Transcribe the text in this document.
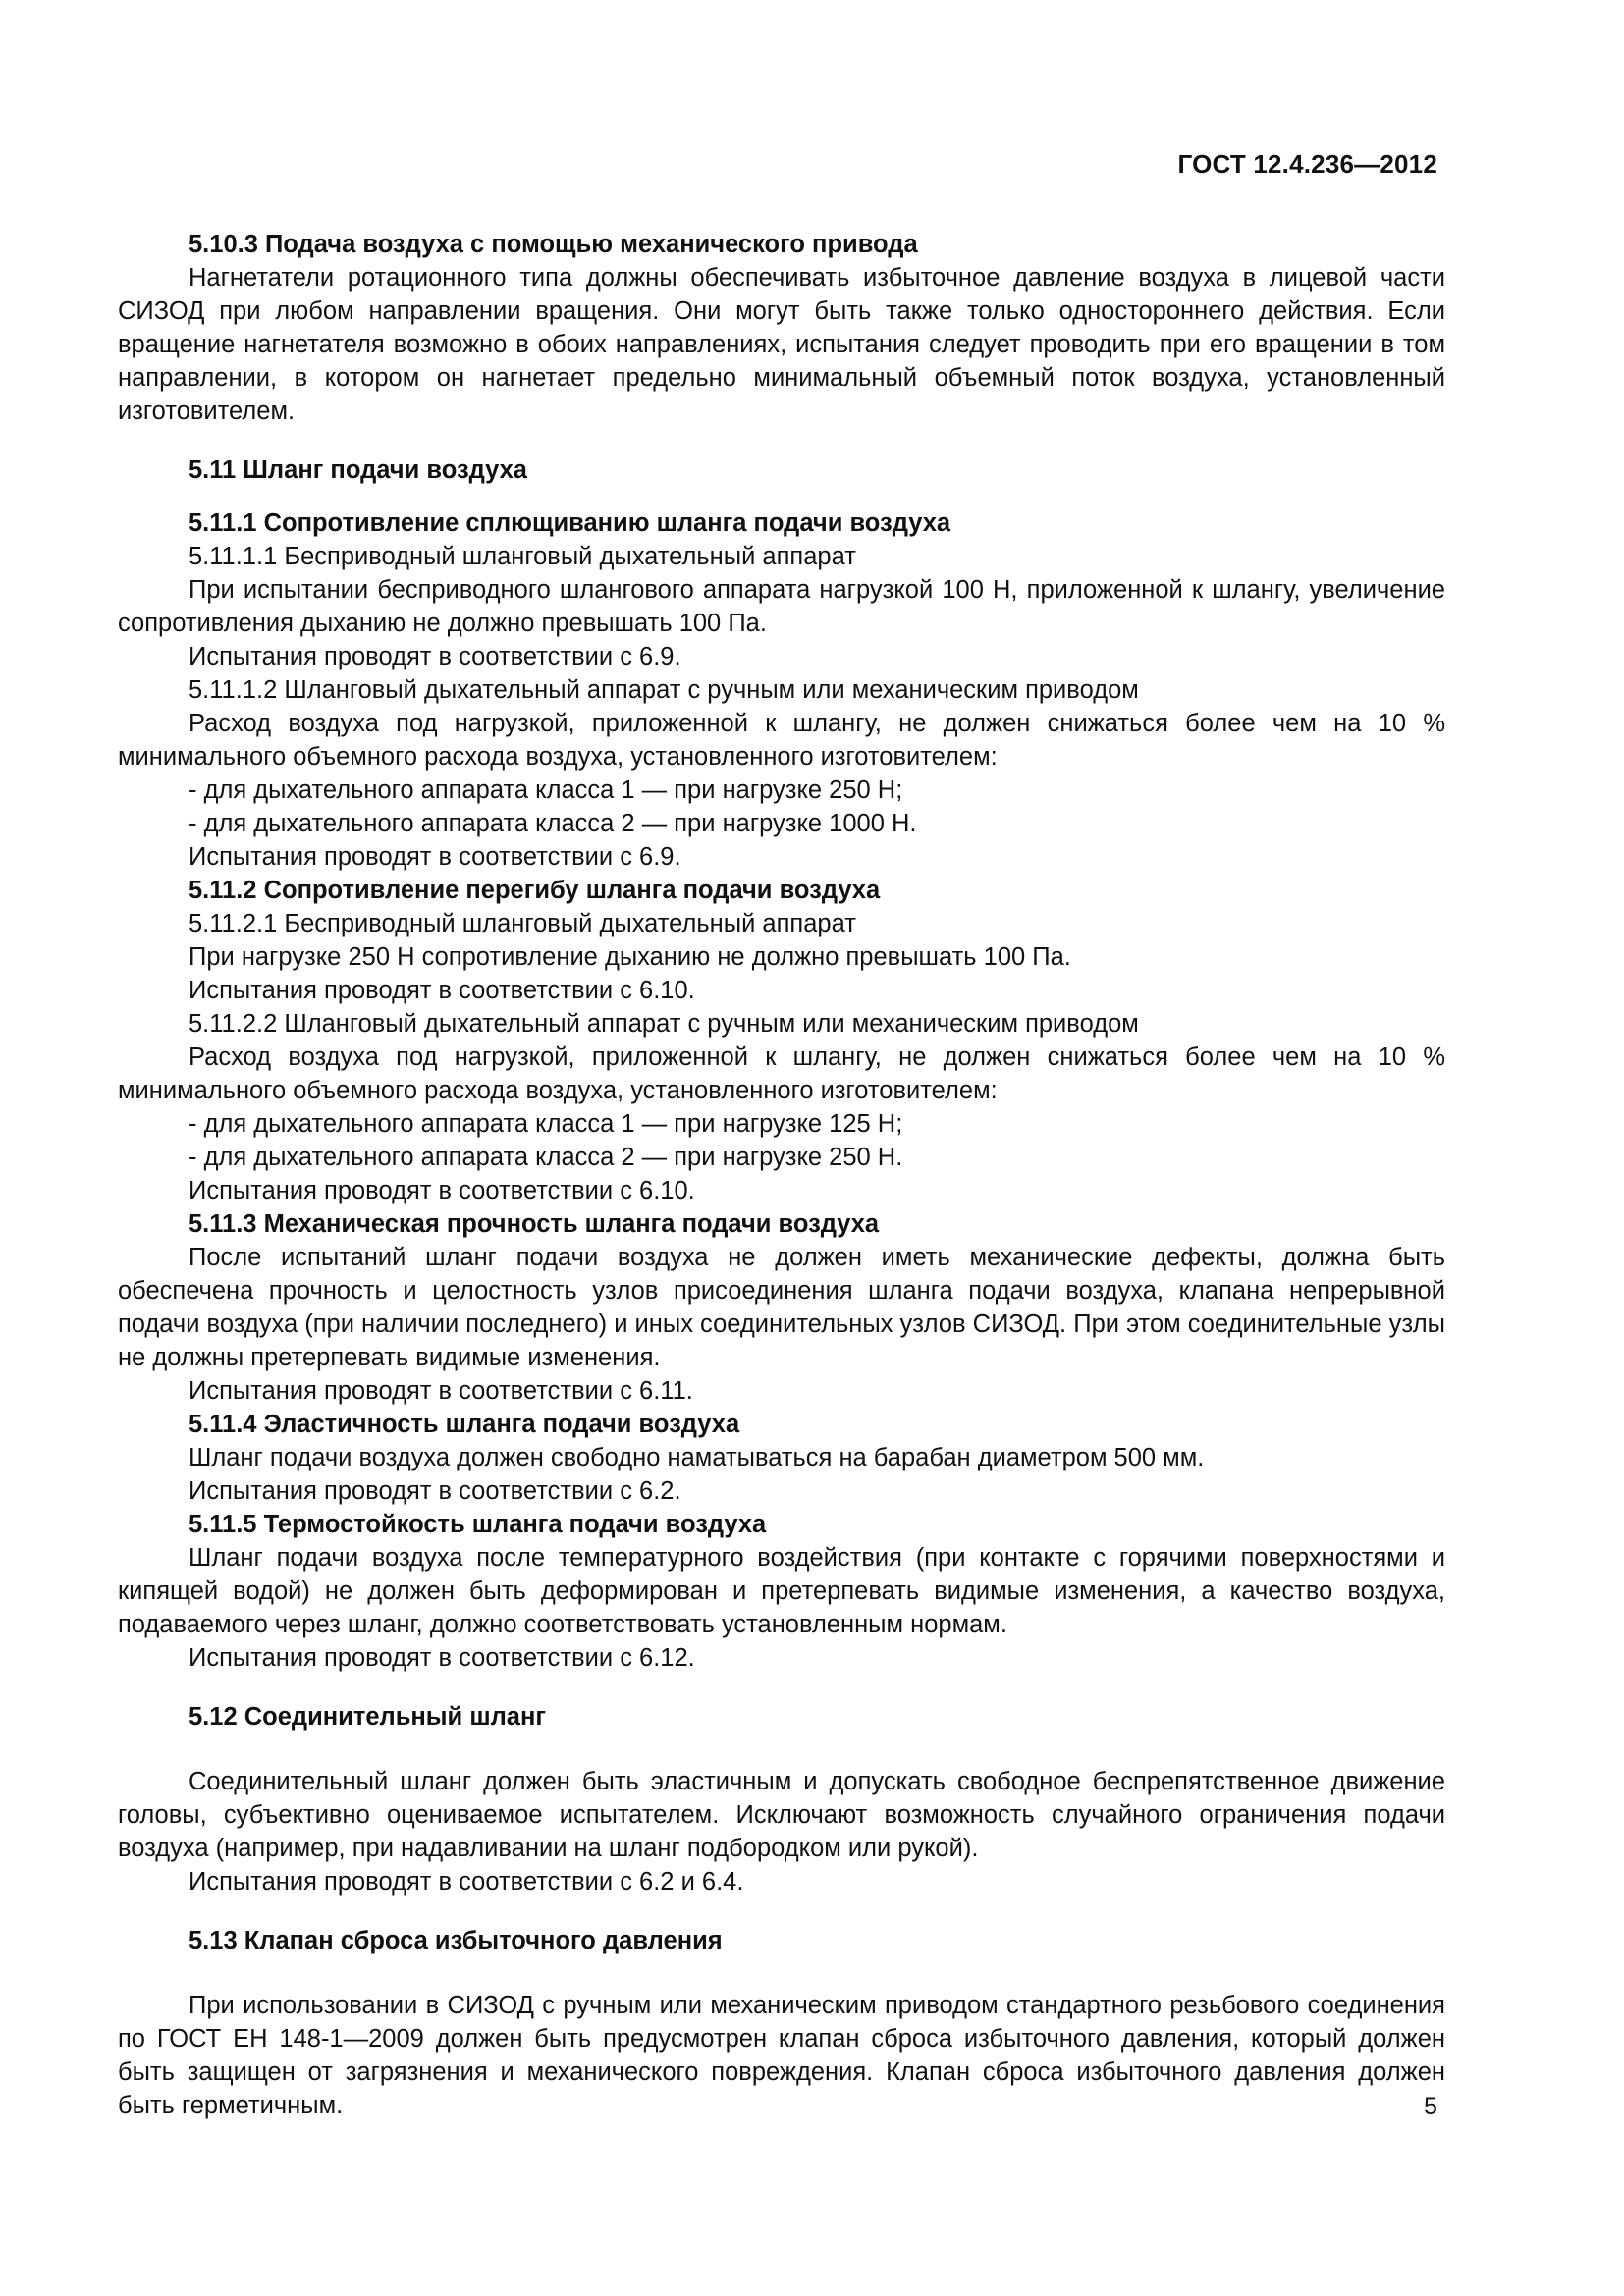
ГОСТ 12.4.236—2012

5.10.3 Подача воздуха с помощью механического привода

Нагнетатели ротационного типа должны обеспечивать избыточное давление воздуха в лицевой части СИЗОД при любом направлении вращения. Они могут быть также только одностороннего действия. Если вращение нагнетателя возможно в обоих направлениях, испытания следует проводить при его вращении в том направлении, в котором он нагнетает предельно минимальный объемный поток воздуха, установленный изготовителем.

5.11 Шланг подачи воздуха

5.11.1 Сопротивление сплющиванию шланга подачи воздуха

5.11.1.1 Бесприводный шланговый дыхательный аппарат

При испытании бесприводного шлангового аппарата нагрузкой 100 Н, приложенной к шлангу, увеличение сопротивления дыханию не должно превышать 100 Па.

Испытания проводят в соответствии с 6.9.

5.11.1.2 Шланговый дыхательный аппарат с ручным или механическим приводом

Расход воздуха под нагрузкой, приложенной к шлангу, не должен снижаться более чем на 10 % минимального объемного расхода воздуха, установленного изготовителем:

- для дыхательного аппарата класса 1 — при нагрузке 250 Н;

- для дыхательного аппарата класса 2 — при нагрузке 1000 Н.

Испытания проводят в соответствии с 6.9.

5.11.2 Сопротивление перегибу шланга подачи воздуха

5.11.2.1 Бесприводный шланговый дыхательный аппарат

При нагрузке 250 Н сопротивление дыханию не должно превышать 100 Па.

Испытания проводят в соответствии с 6.10.

5.11.2.2 Шланговый дыхательный аппарат с ручным или механическим приводом

Расход воздуха под нагрузкой, приложенной к шлангу, не должен снижаться более чем на 10 % минимального объемного расхода воздуха, установленного изготовителем:

- для дыхательного аппарата класса 1 — при нагрузке 125 Н;

- для дыхательного аппарата класса 2 — при нагрузке 250 Н.

Испытания проводят в соответствии с 6.10.

5.11.3 Механическая прочность шланга подачи воздуха

После испытаний шланг подачи воздуха не должен иметь механические дефекты, должна быть обеспечена прочность и целостность узлов присоединения шланга подачи воздуха, клапана непрерывной подачи воздуха (при наличии последнего) и иных соединительных узлов СИЗОД. При этом соединительные узлы не должны претерпевать видимые изменения.

Испытания проводят в соответствии с 6.11.

5.11.4 Эластичность шланга подачи воздуха

Шланг подачи воздуха должен свободно наматываться на барабан диаметром 500 мм.

Испытания проводят в соответствии с 6.2.

5.11.5 Термостойкость шланга подачи воздуха

Шланг подачи воздуха после температурного воздействия (при контакте с горячими поверхностями и кипящей водой) не должен быть деформирован и претерпевать видимые изменения, а качество воздуха, подаваемого через шланг, должно соответствовать установленным нормам.

Испытания проводят в соответствии с 6.12.

5.12 Соединительный шланг

Соединительный шланг должен быть эластичным и допускать свободное беспрепятственное движение головы, субъективно оцениваемое испытателем. Исключают возможность случайного ограничения подачи воздуха (например, при надавливании на шланг подбородком или рукой).

Испытания проводят в соответствии с 6.2 и 6.4.

5.13 Клапан сброса избыточного давления

При использовании в СИЗОД с ручным или механическим приводом стандартного резьбового соединения по ГОСТ ЕН 148-1—2009 должен быть предусмотрен клапан сброса избыточного давления, который должен быть защищен от загрязнения и механического повреждения. Клапан сброса избыточного давления должен быть герметичным.	5
